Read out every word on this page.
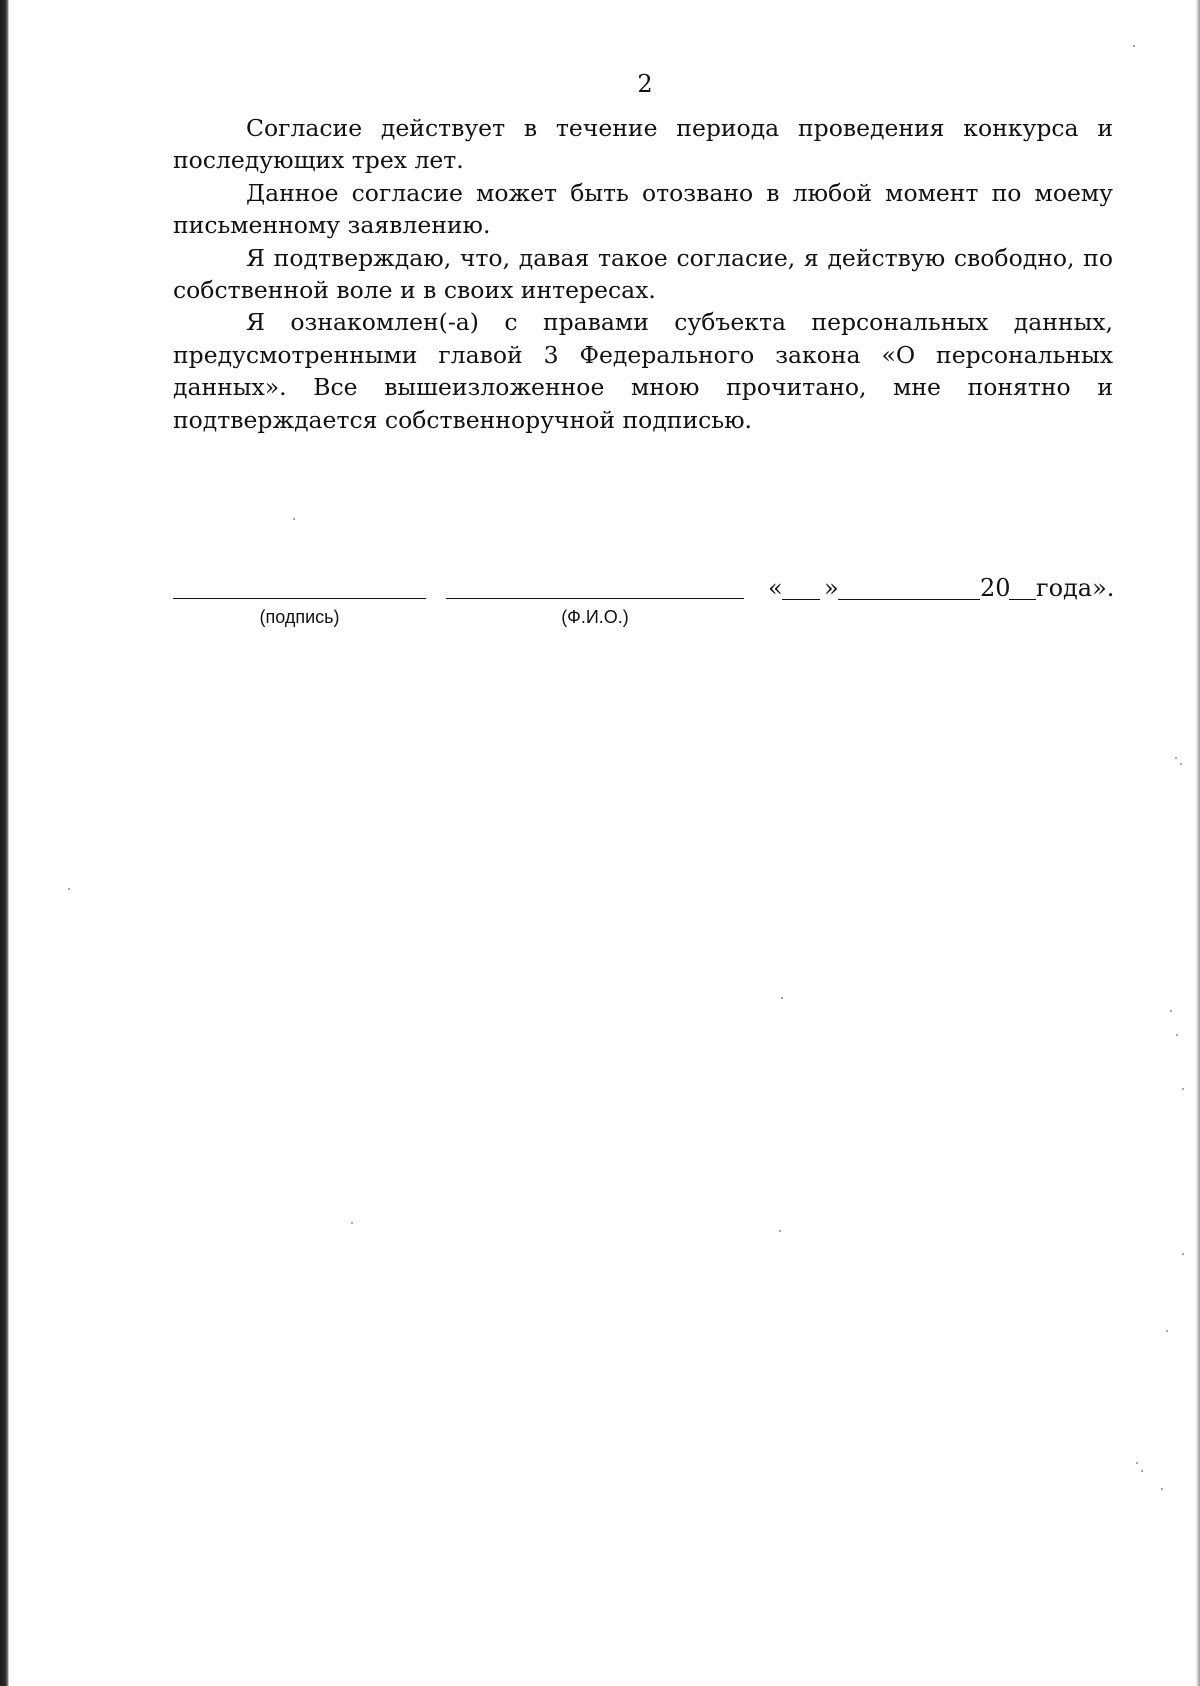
2

Согласие действует в течение периода проведения конкурса и последующих трех лет.

Данное согласие может быть отозвано в любой момент по моему письменному заявлению.

Я подтверждаю, что, давая такое согласие, я действую свободно, по собственной воле и в своих интересах.

Я ознакомлен(-а) с правами субъекта персональных данных, предусмотренными главой 3 Федерального закона «О персональных данных». Все вышеизложенное мною прочитано, мне понятно и подтверждается собственноручной подписью.

(подпись)	(Ф.И.О.)
« »	20 года».
